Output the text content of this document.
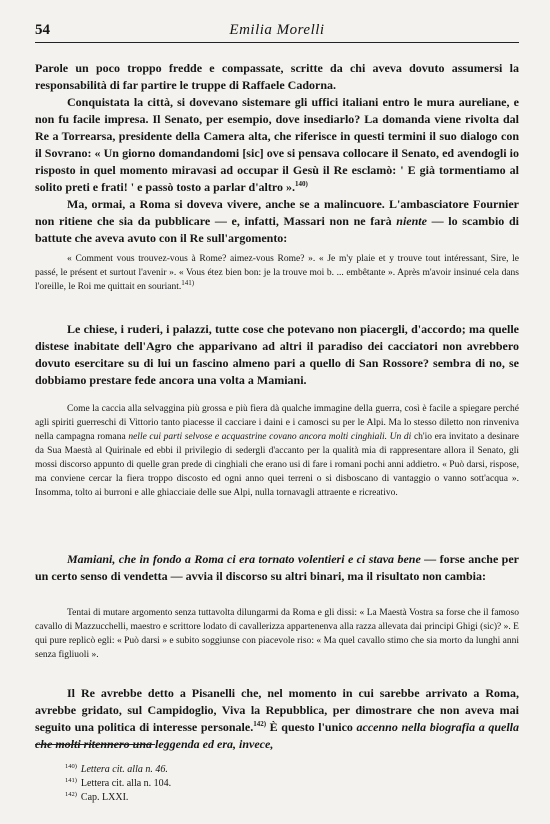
54	Emilia Morelli

Parole un poco troppo fredde e compassate, scritte da chi aveva dovuto assumersi la responsabilità di far partire le truppe di Raffaele Cadorna.

Conquistata la città, si dovevano sistemare gli uffici italiani entro le mura aureliane, e non fu facile impresa. Il Senato, per esempio, dove insediarlo? La domanda viene rivolta dal Re a Torrearsa, presidente della Camera alta, che riferisce in questi termini il suo dialogo con il Sovrano: « Un giorno domandandomi [sic] ove si pensava collocare il Senato, ed avendogli io risposto in quel momento miravasi ad occupar il Gesù il Re esclamò: ' E già tormentiamo al solito preti e frati! ' e passò tosto a parlar d'altro ».$^{140)}$

Ma, ormai, a Roma si doveva vivere, anche se a malincuore. L'ambasciatore Fournier non ritiene che sia da pubblicare — e, infatti, Massari non ne farà niente — lo scambio di battute che aveva avuto con il Re sull'argomento:

« Comment vous trouvez-vous à Rome? aimez-vous Rome? ». « Je m'y plaie et y trouve tout intéressant, Sire, le passé, le présent et surtout l'avenir ». « Vous étez bien bon: je la trouve moi b. ... embêtante ». Après m'avoir insinué cela dans l'oreille, le Roi me quittait en souriant.$^{141)}$

Le chiese, i ruderi, i palazzi, tutte cose che potevano non piacergli, d'accordo; ma quelle distese inabitate dell'Agro che apparivano ad altri il paradiso dei cacciatori non avrebbero dovuto esercitare su di lui un fascino almeno pari a quello di San Rossore? sembra di no, se dobbiamo prestare fede ancora una volta a Mamiani.

Come la caccia alla selvaggina più grossa e più fiera dà qualche immagine della guerra, così è facile a spiegare perché agli spiriti guerreschi di Vittorio tanto piacesse il cacciare i daini e i camosci su per le Alpi. Ma lo stesso diletto non rinveniva nella campagna romana nelle cui parti selvose e acquastrine covano ancora molti cinghiali. Un di ch'io era invitato a desinare da Sua Maestà al Quirinale ed ebbi il privilegio di sedergli d'accanto per la qualità mia di rappresentare allora il Senato, gli mossi discorso appunto di quelle gran prede di cinghiali che erano usi di fare i romani pochi anni addietro. « Può darsi, rispose, ma conviene cercar la fiera troppo discosto ed ogni anno quei terreni o si disboscano di vantaggio o vanno sott'acqua ». Insomma, tolto ai burroni e alle ghiacciaie delle sue Alpi, nulla tornavagli attraente e ricreativo.

Mamiani, che in fondo a Roma ci era tornato volentieri e ci stava bene — forse anche per un certo senso di vendetta — avvia il discorso su altri binari, ma il risultato non cambia:

Tentai di mutare argomento senza tuttavolta dilungarmi da Roma e gli dissi: « La Maestà Vostra sa forse che il famoso cavallo di Mazzucchelli, maestro e scrittore lodato di cavallerizza appartenenva alla razza allevata dai principi Ghigi (sic)? ». E qui pure replicò egli: « Può darsi » e subito soggiunse con piacevole riso: « Ma quel cavallo stimo che sia morto da lunghi anni senza figliuoli ».

Il Re avrebbe detto a Pisanelli che, nel momento in cui sarebbe arrivato a Roma, avrebbe gridato, sul Campidoglio, Viva la Repubblica, per dimostrare che non aveva mai seguito una politica di interesse personale.$^{142)}$ È questo l'unico accenno nella biografia a quella che molti ritennero una leggenda ed era, invece,

$^{140)}$ Lettera cit. alla n. 46.
$^{141)}$ Lettera cit. alla n. 104.
$^{142)}$ Cap. LXXI.
